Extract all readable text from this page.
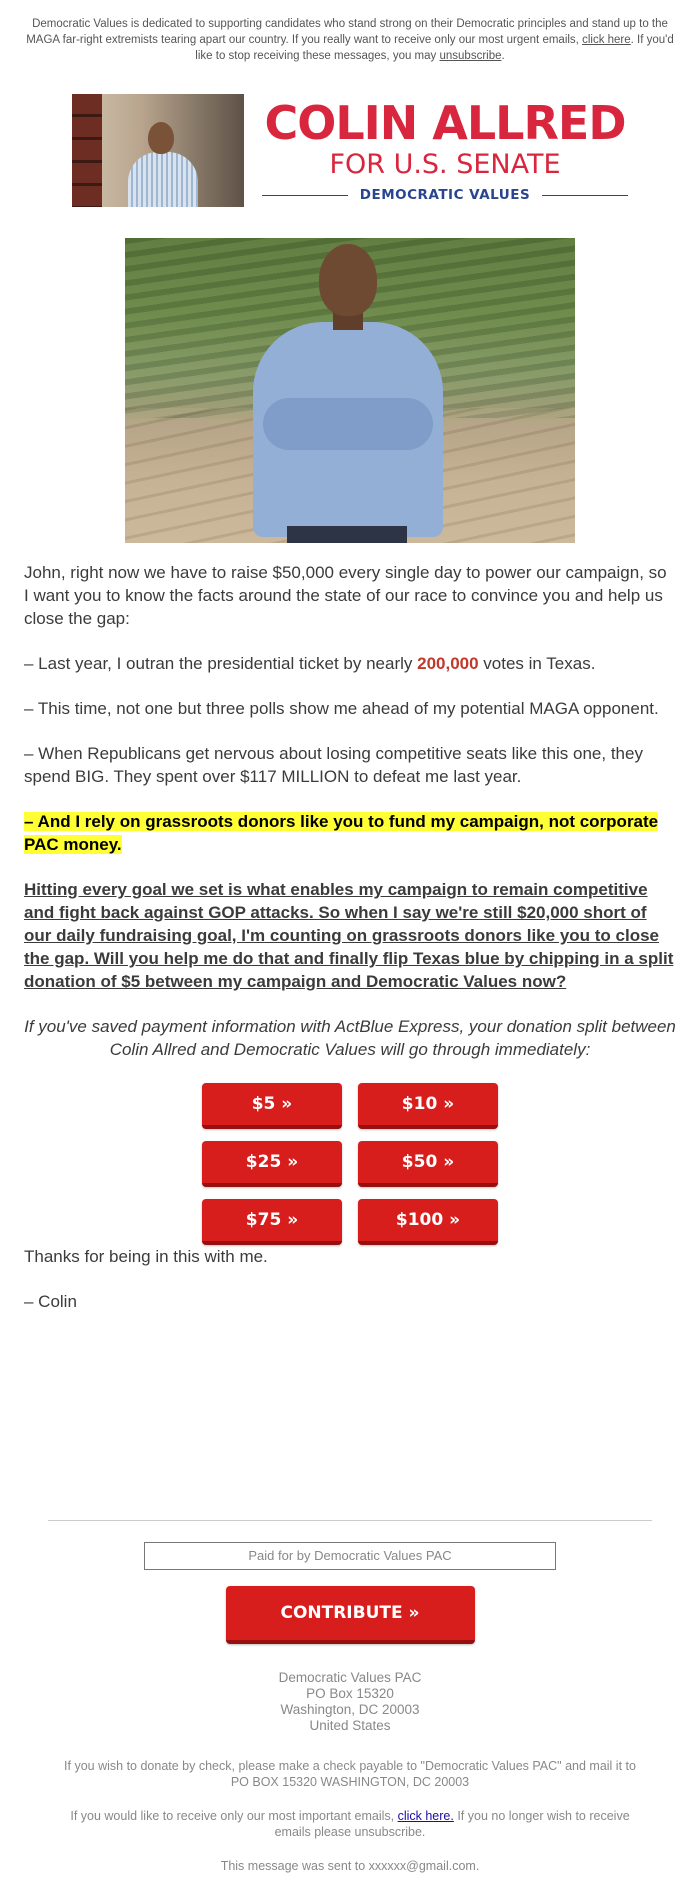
Democratic Values is dedicated to supporting candidates who stand strong on their Democratic principles and stand up to the MAGA far-right extremists tearing apart our country. If you really want to receive only our most urgent emails, click here. If you'd like to stop receiving these messages, you may unsubscribe.
COLIN ALLRED
FOR U.S. SENATE
DEMOCRATIC VALUES

John, right now we have to raise $50,000 every single day to power our campaign, so I want you to know the facts around the state of our race to convince you and help us close the gap:

– Last year, I outran the presidential ticket by nearly 200,000 votes in Texas.

– This time, not one but three polls show me ahead of my potential MAGA opponent.

– When Republicans get nervous about losing competitive seats like this one, they spend BIG. They spent over $117 MILLION to defeat me last year.

– And I rely on grassroots donors like you to fund my campaign, not corporate PAC money.

Hitting every goal we set is what enables my campaign to remain competitive and fight back against GOP attacks. So when I say we're still $20,000 short of our daily fundraising goal, I'm counting on grassroots donors like you to close the gap. Will you help me do that and finally flip Texas blue by chipping in a split donation of $5 between my campaign and Democratic Values now?

If you've saved payment information with ActBlue Express, your donation split between Colin Allred and Democratic Values will go through immediately:

$5 »	$10 »
$25 »	$50 »
$75 »	$100 »

Thanks for being in this with me.

– Colin

Paid for by Democratic Values PAC
CONTRIBUTE »
Democratic Values PAC
PO Box 15320
Washington, DC 20003
United States
If you wish to donate by check, please make a check payable to "Democratic Values PAC" and mail it to PO BOX 15320 WASHINGTON, DC 20003
If you would like to receive only our most important emails, click here. If you no longer wish to receive emails please unsubscribe.
This message was sent to xxxxxx@gmail.com.
